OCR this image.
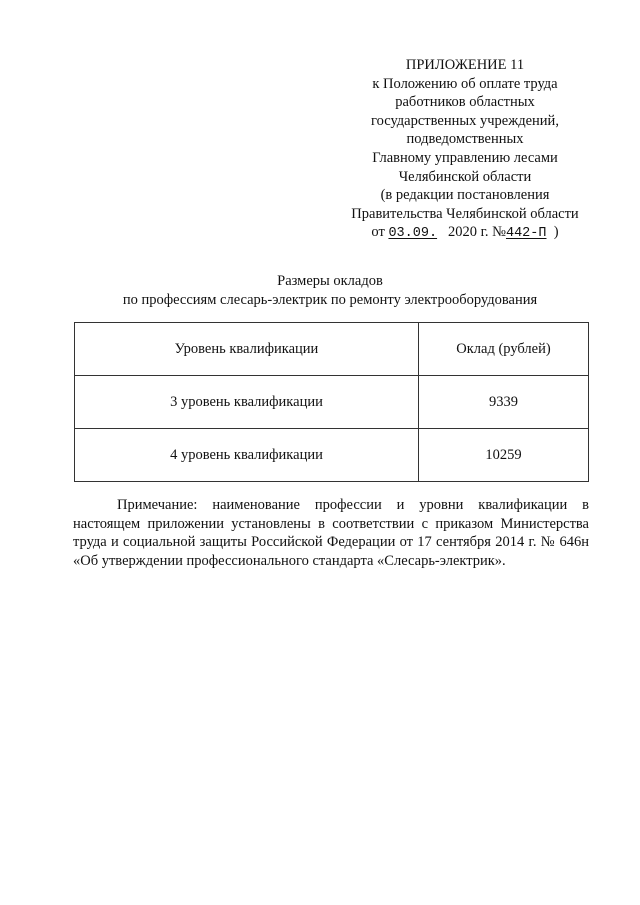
ПРИЛОЖЕНИЕ 11
к Положению об оплате труда
работников областных
государственных учреждений,
подведомственных
Главному управлению лесами
Челябинской области
(в редакции постановления
Правительства Челябинской области
от 03.09. 2020 г. №442-П )
Размеры окладов
по профессиям слесарь-электрик по ремонту электрооборудования
Уровень квалификации	Оклад (рублей)
3 уровень квалификации	9339
4 уровень квалификации	10259

Примечание: наименование профессии и уровни квалификации в настоящем приложении установлены в соответствии с приказом Министерства труда и социальной защиты Российской Федерации от 17 сентября 2014 г. № 646н «Об утверждении профессионального стандарта «Слесарь-электрик».
